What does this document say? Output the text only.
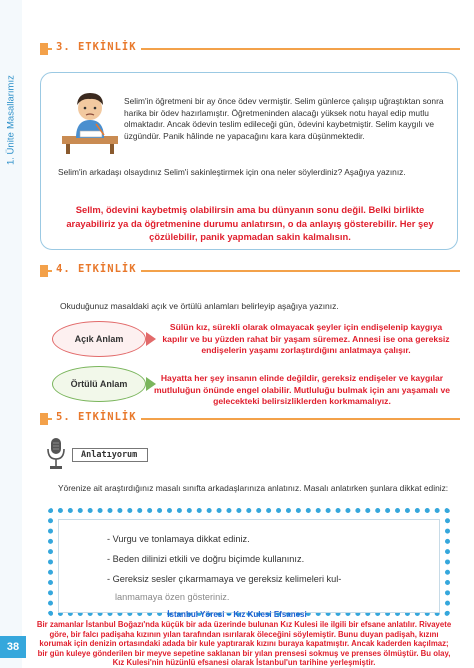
1. Ünite

Masallarımız
38
3. ETKİNLİK
Selim'in öğretmeni bir ay önce ödev vermiştir. Selim günlerce çalışıp uğraştıktan sonra harika bir ödev hazırlamıştır. Öğretmeninden alacağı yüksek notu hayal edip mutlu olmaktadır. Ancak ödevin teslim edileceği gün, ödevini kaybetmiştir. Selim kaygılı ve üzgündür. Panik hâlinde ne yapacağını kara kara düşünmektedir.
Selim'in arkadaşı olsaydınız Selim'i sakinleştirmek için ona neler söylerdiniz? Aşağıya yazınız.
Sellm, ödevini kaybetmiş olabilirsin ama bu dünyanın sonu değil. Belki birlikte arayabiliriz ya da öğretmenine durumu anlatırsın, o da anlayış gösterebilir. Her şey çözülebilir, panik yapmadan sakin kalmalısın.
4. ETKİNLİK
Okuduğunuz masaldaki açık ve örtülü anlamları belirleyip aşağıya yazınız.
Açık Anlam
Sülün kız, sürekli olarak olmayacak şeyler için endişelenip kaygıya kapılır ve bu yüzden rahat bir yaşam süremez. Annesi ise ona gereksiz endişelerin yaşamı zorlaştırdığını anlatmaya çalışır.
Örtülü Anlam
Hayatta her şey insanın elinde değildir, gereksiz endişeler ve kaygılar mutluluğun önünde engel olabilir. Mutluluğu bulmak için anı yaşamalı ve gelecekteki belirsizliklerden korkmamalıyız.
5. ETKİNLİK
Anlatıyorum
Yörenize ait araştırdığınız masalı sınıfta arkadaşlarınıza anlatınız. Masalı anlatırken şunlara dikkat ediniz:
- Vurgu ve tonlamaya dikkat ediniz.
- Beden dilinizi etkili ve doğru biçimde kullanınız.
- Gereksiz sesler çıkarmamaya ve gereksiz kelimeleri kul-
lanmamaya özen gösteriniz.
İstanbul Yöresi – Kız Kulesi Efsanesi
Bir zamanlar İstanbul Boğazı'nda küçük bir ada üzerinde bulunan Kız Kulesi ile ilgili bir efsane anlatılır. Rivayete göre, bir falcı padişaha kızının yılan tarafından ısırılarak öleceğini söylemiştir. Bunu duyan padişah, kızını korumak için denizin ortasındaki adada bir kule yaptırarak kızını buraya kapatmıştır. Ancak kaderden kaçılmaz; bir gün kuleye gönderilen bir meyve sepetine saklanan bir yılan prensesi sokmuş ve prenses ölmüştür. Bu olay, Kız Kulesi'nin hüzünlü efsanesi olarak İstanbul'un tarihine yerleşmiştir.
